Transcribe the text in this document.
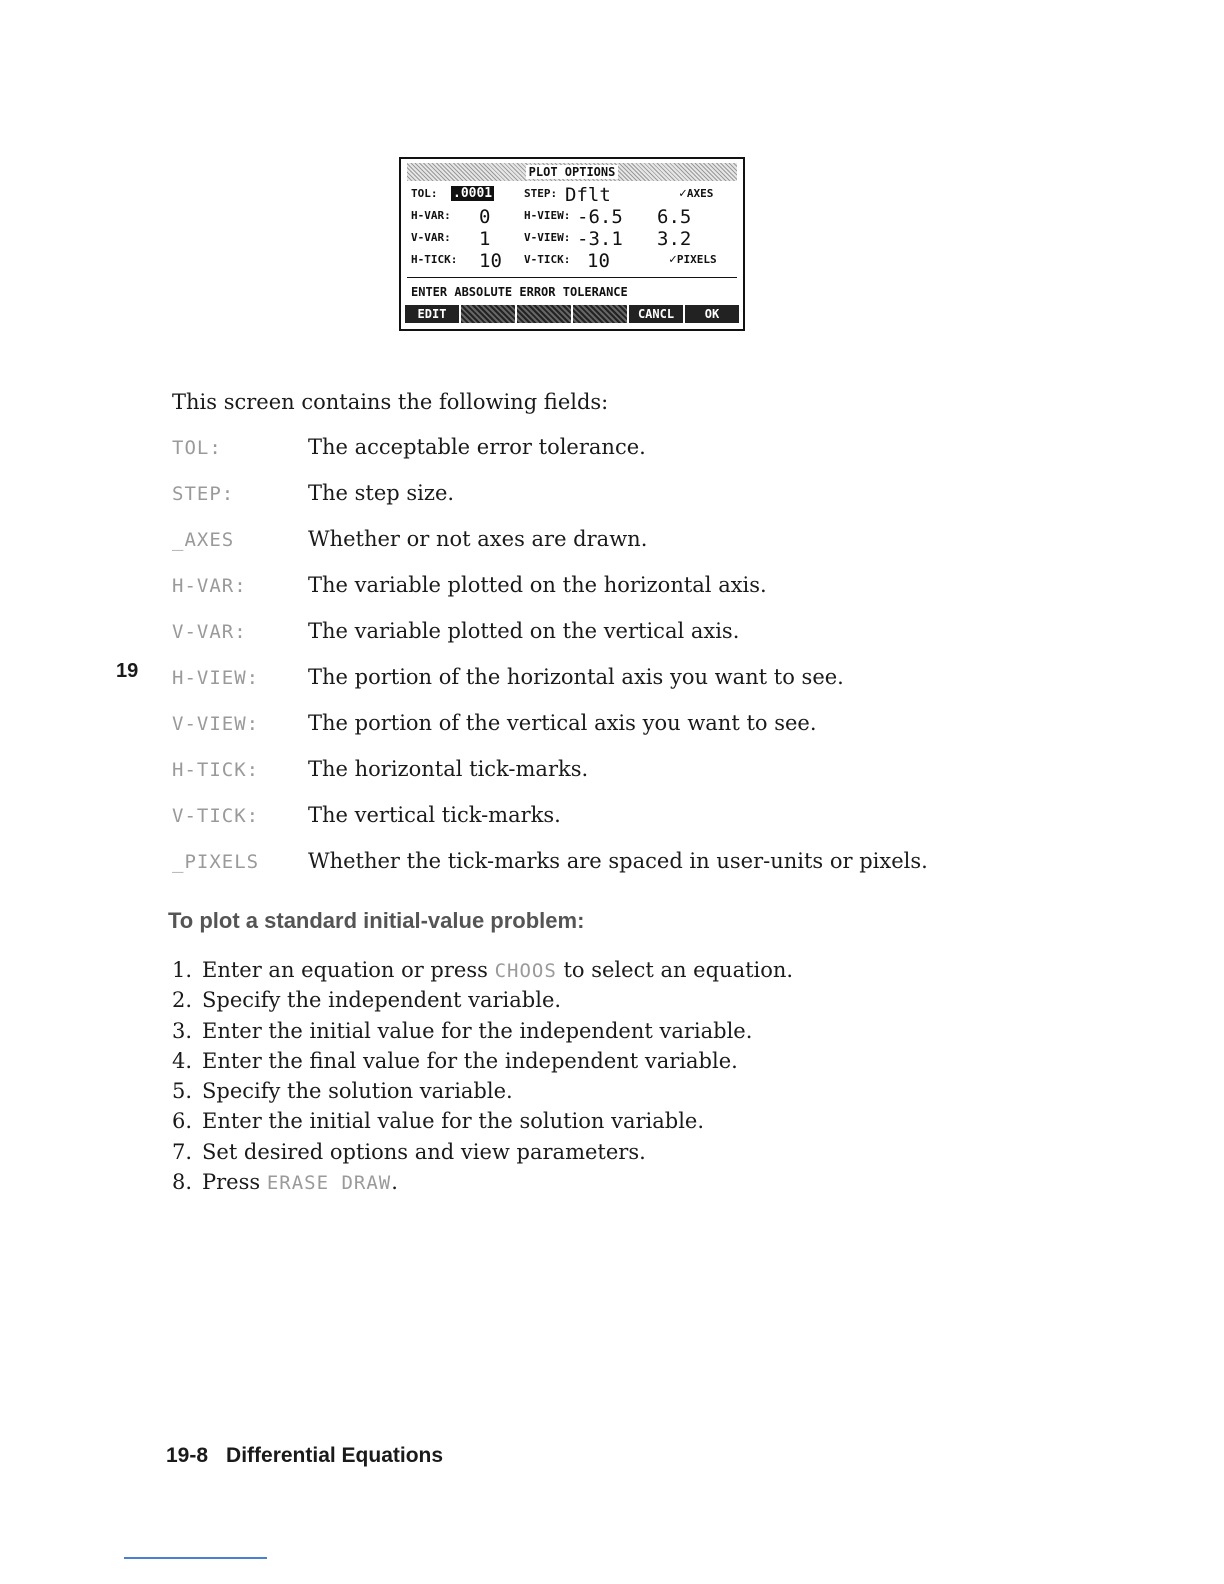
PLOT OPTIONS
TOL: .0001	STEP: Dflt	✓AXES
H-VAR: 0	H-VIEW: -6.5 6.5
V-VAR: 1	V-VIEW: -3.1 3.2
H-TICK: 10 V-TICK: 10	✓PIXELS
ENTER ABSOLUTE ERROR TOLERANCE
EDIT	CANCL	OK
This screen contains the following fields:
TOL:	The acceptable error tolerance.
STEP:	The step size.
_AXES	Whether or not axes are drawn.
H-VAR:	The variable plotted on the horizontal axis.
V-VAR:	The variable plotted on the vertical axis.
H-VIEW:	The portion of the horizontal axis you want to see.
V-VIEW:	The portion of the vertical axis you want to see.
H-TICK:	The horizontal tick-marks.
V-TICK:	The vertical tick-marks.
_PIXELS	Whether the tick-marks are spaced in user-units or pixels.
19
To plot a standard initial-value problem:
1. Enter an equation or press CHOOS to select an equation.
2. Specify the independent variable.
3. Enter the initial value for the independent variable.
4. Enter the final value for the independent variable.
5. Specify the solution variable.
6. Enter the initial value for the solution variable.
7. Set desired options and view parameters.
8. Press ERASE DRAW.
19-8 Differential Equations
